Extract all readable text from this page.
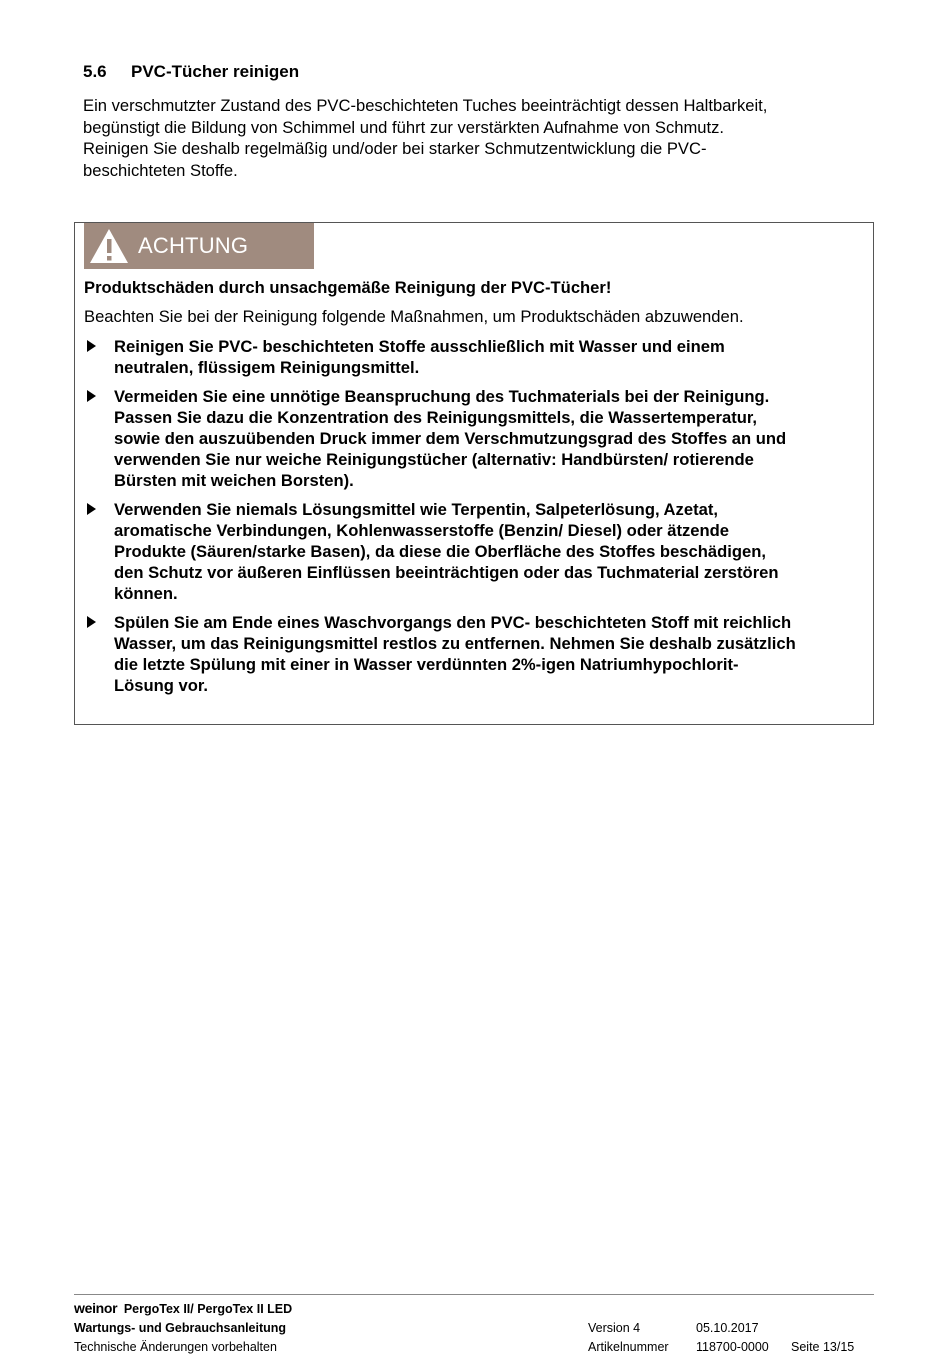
5.6 PVC-Tücher reinigen
Ein verschmutzter Zustand des PVC-beschichteten Tuches beeinträchtigt dessen Haltbarkeit,
begünstigt die Bildung von Schimmel und führt zur verstärkten Aufnahme von Schmutz.
Reinigen Sie deshalb regelmäßig und/oder bei starker Schmutzentwicklung die PVC-
beschichteten Stoffe.
ACHTUNG
Produktschäden durch unsachgemäße Reinigung der PVC-Tücher!
Beachten Sie bei der Reinigung folgende Maßnahmen, um Produktschäden abzuwenden.
Reinigen Sie PVC- beschichteten Stoffe ausschließlich mit Wasser und einem
neutralen, flüssigem Reinigungsmittel.
Vermeiden Sie eine unnötige Beanspruchung des Tuchmaterials bei der Reinigung.
Passen Sie dazu die Konzentration des Reinigungsmittels, die Wassertemperatur,
sowie den auszuübenden Druck immer dem Verschmutzungsgrad des Stoffes an und
verwenden Sie nur weiche Reinigungstücher (alternativ: Handbürsten/ rotierende
Bürsten mit weichen Borsten).
Verwenden Sie niemals Lösungsmittel wie Terpentin, Salpeterlösung, Azetat,
aromatische Verbindungen, Kohlenwasserstoffe (Benzin/ Diesel) oder ätzende
Produkte (Säuren/starke Basen), da diese die Oberfläche des Stoffes beschädigen,
den Schutz vor äußeren Einflüssen beeinträchtigen oder das Tuchmaterial zerstören
können.
Spülen Sie am Ende eines Waschvorgangs den PVC- beschichteten Stoff mit reichlich
Wasser, um das Reinigungsmittel restlos zu entfernen. Nehmen Sie deshalb zusätzlich
die letzte Spülung mit einer in Wasser verdünnten 2%-igen Natriumhypochlorit-
Lösung vor.
weinor PergoTex II/ PergoTex II LED
Wartungs- und Gebrauchsanleitung	Version 4	05.10.2017
Technische Änderungen vorbehalten	Artikelnummer 118700-0000 Seite 13/15
